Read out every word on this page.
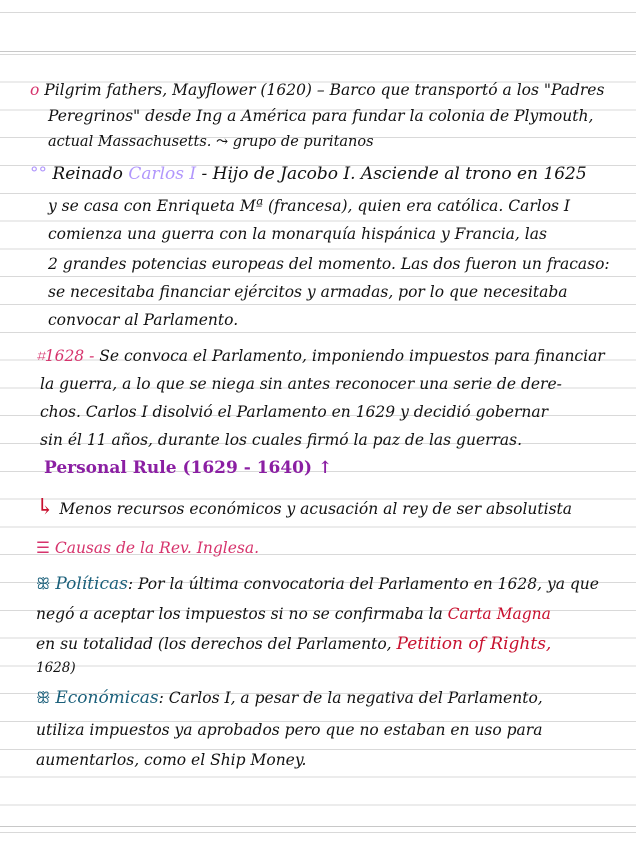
o Pilgrim fathers, Mayflower (1620) – Barco que transportó a los "Padres
Peregrinos" desde Ing a América para fundar la colonia de Plymouth,
actual Massachusetts. ⤳ grupo de puritanos
°° Reinado Carlos I - Hijo de Jacobo I. Asciende al trono en 1625
y se casa con Enriqueta Mª (francesa), quien era católica. Carlos I
comienza una guerra con la monarquía hispánica y Francia, las
2 grandes potencias europeas del momento. Las dos fueron un fracaso:
se necesitaba financiar ejércitos y armadas, por lo que necesitaba
convocar al Parlamento.
⌗1628 - Se convoca el Parlamento, imponiendo impuestos para financiar
la guerra, a lo que se niega sin antes reconocer una serie de dere-
chos. Carlos I disolvió el Parlamento en 1629 y decidió gobernar
sin él 11 años, durante los cuales firmó la paz de las guerras.
Personal Rule (1629 - 1640) ↑
↳ Menos recursos económicos y acusación al rey de ser absolutista
☰ Causas de la Rev. Inglesa.
ꕥ Políticas: Por la última convocatoria del Parlamento en 1628, ya que
negó a aceptar los impuestos si no se confirmaba la Carta Magna
en su totalidad (los derechos del Parlamento, Petition of Rights,
1628)
ꕥ Económicas: Carlos I, a pesar de la negativa del Parlamento,
utiliza impuestos ya aprobados pero que no estaban en uso para
aumentarlos, como el Ship Money.
